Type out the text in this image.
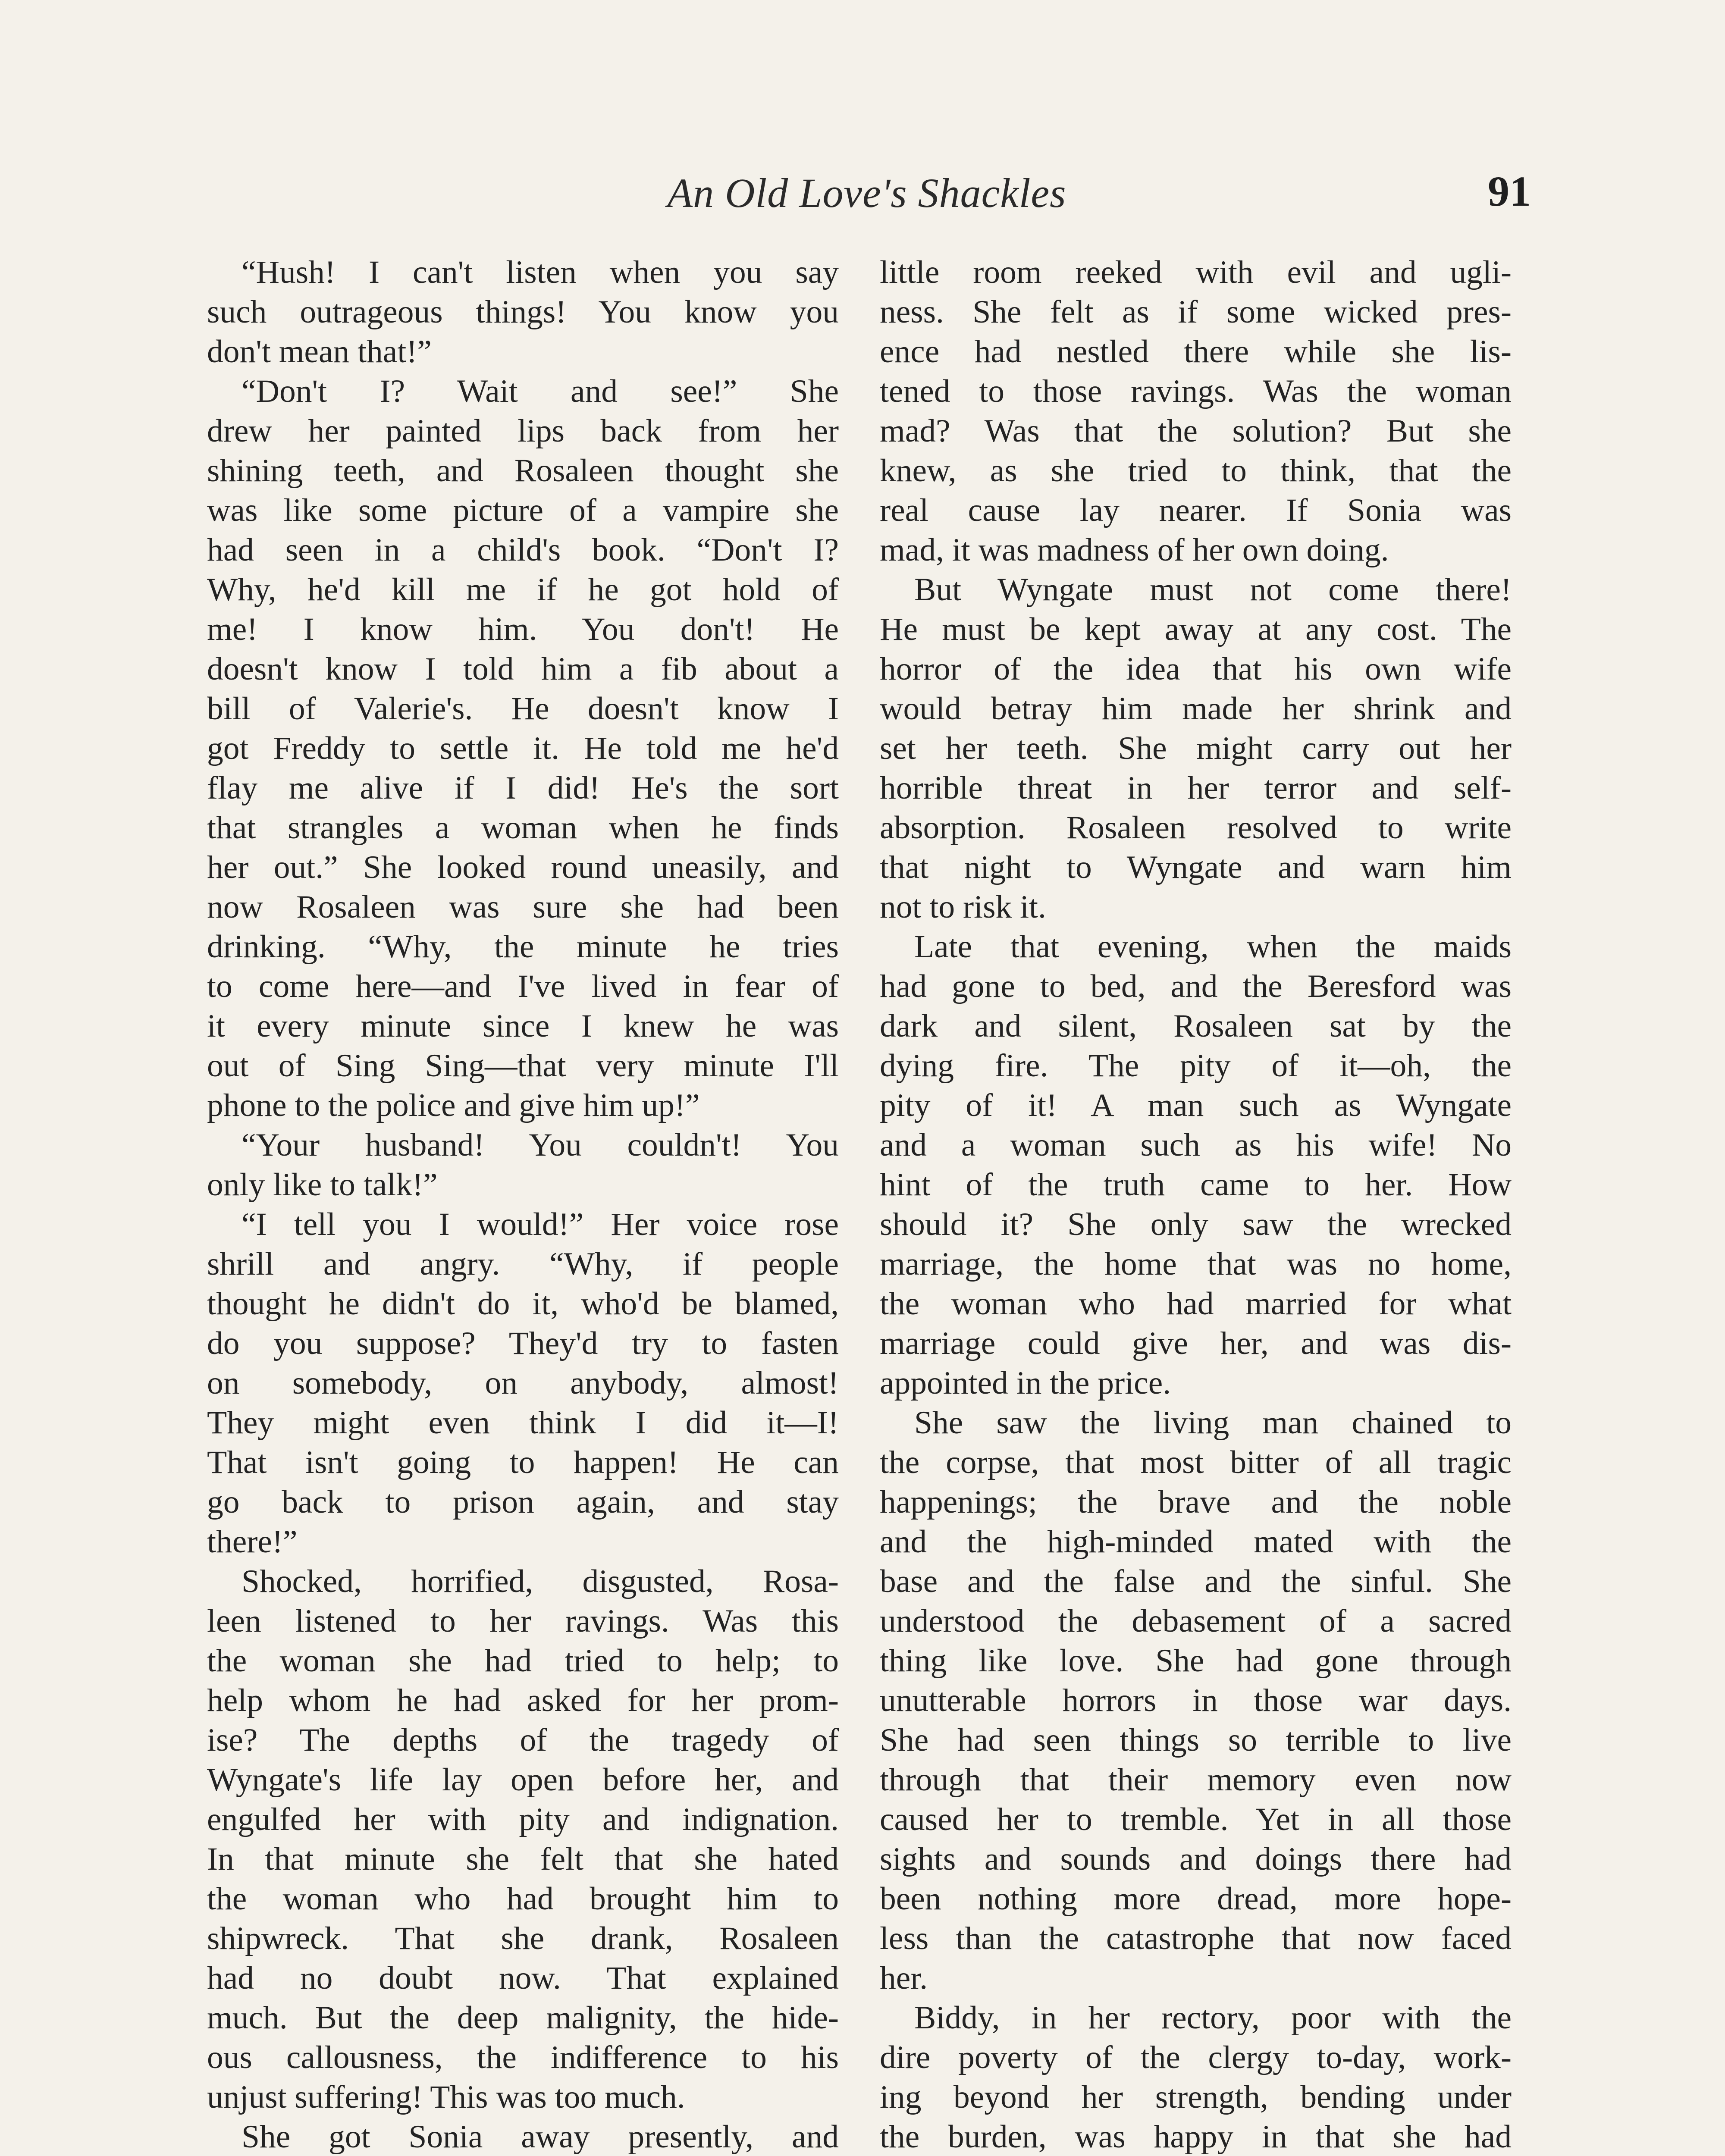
An Old Love's Shackles	91
“Hush! I can't listen when you say
such outrageous things! You know you
don't mean that!”
“Don't I? Wait and see!” She
drew her painted lips back from her
shining teeth, and Rosaleen thought she
was like some picture of a vampire she
had seen in a child's book. “Don't I?
Why, he'd kill me if he got hold of
me! I know him. You don't! He
doesn't know I told him a fib about a
bill of Valerie's. He doesn't know I
got Freddy to settle it. He told me he'd
flay me alive if I did! He's the sort
that strangles a woman when he finds
her out.” She looked round uneasily, and
now Rosaleen was sure she had been
drinking. “Why, the minute he tries
to come here—and I've lived in fear of
it every minute since I knew he was
out of Sing Sing—that very minute I'll
phone to the police and give him up!”
“Your husband! You couldn't! You
only like to talk!”
“I tell you I would!” Her voice rose
shrill and angry. “Why, if people
thought he didn't do it, who'd be blamed,
do you suppose? They'd try to fasten
on somebody, on anybody, almost!
They might even think I did it—I!
That isn't going to happen! He can
go back to prison again, and stay
there!”
Shocked, horrified, disgusted, Rosa-
leen listened to her ravings. Was this
the woman she had tried to help; to
help whom he had asked for her prom-
ise? The depths of the tragedy of
Wyngate's life lay open before her, and
engulfed her with pity and indignation.
In that minute she felt that she hated
the woman who had brought him to
shipwreck. That she drank, Rosaleen
had no doubt now. That explained
much. But the deep malignity, the hide-
ous callousness, the indifference to his
unjust suffering! This was too much.
She got Sonia away presently, and
little room reeked with evil and ugli-
ness. She felt as if some wicked pres-
ence had nestled there while she lis-
tened to those ravings. Was the woman
mad? Was that the solution? But she
knew, as she tried to think, that the
real cause lay nearer. If Sonia was
mad, it was madness of her own doing.
But Wyngate must not come there!
He must be kept away at any cost. The
horror of the idea that his own wife
would betray him made her shrink and
set her teeth. She might carry out her
horrible threat in her terror and self-
absorption. Rosaleen resolved to write
that night to Wyngate and warn him
not to risk it.
Late that evening, when the maids
had gone to bed, and the Beresford was
dark and silent, Rosaleen sat by the
dying fire. The pity of it—oh, the
pity of it! A man such as Wyngate
and a woman such as his wife! No
hint of the truth came to her. How
should it? She only saw the wrecked
marriage, the home that was no home,
the woman who had married for what
marriage could give her, and was dis-
appointed in the price.
She saw the living man chained to
the corpse, that most bitter of all tragic
happenings; the brave and the noble
and the high-minded mated with the
base and the false and the sinful. She
understood the debasement of a sacred
thing like love. She had gone through
unutterable horrors in those war days.
She had seen things so terrible to live
through that their memory even now
caused her to tremble. Yet in all those
sights and sounds and doings there had
been nothing more dread, more hope-
less than the catastrophe that now faced
her.
Biddy, in her rectory, poor with the
dire poverty of the clergy to-day, work-
ing beyond her strength, bending under
the burden, was happy in that she had
